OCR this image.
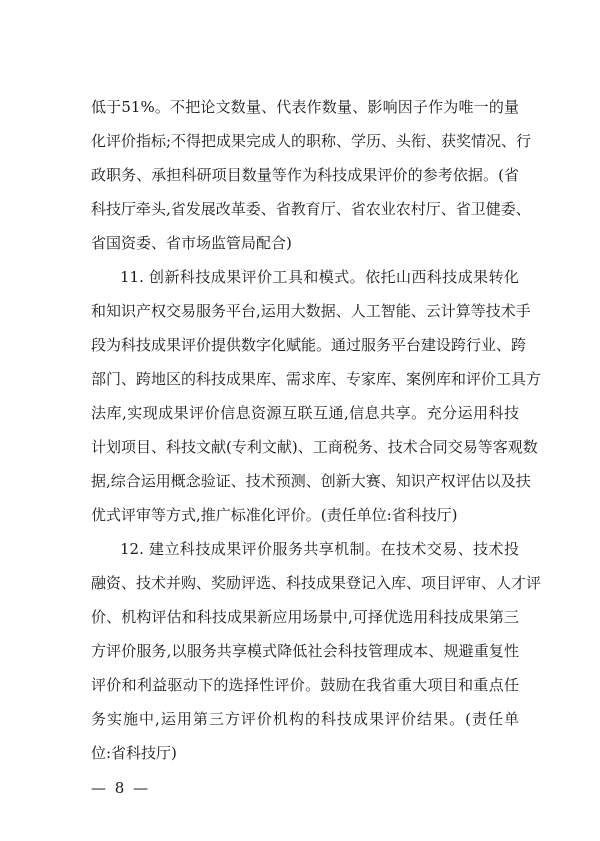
低于51%。不把论文数量、代表作数量、影响因子作为唯一的量
化评价指标;不得把成果完成人的职称、学历、头衔、获奖情况、行
政职务、承担科研项目数量等作为科技成果评价的参考依据。(省
科技厅牵头,省发展改革委、省教育厅、省农业农村厅、省卫健委、
省国资委、省市场监管局配合)
11. 创新科技成果评价工具和模式。依托山西科技成果转化
和知识产权交易服务平台,运用大数据、人工智能、云计算等技术手
段为科技成果评价提供数字化赋能。通过服务平台建设跨行业、跨
部门、跨地区的科技成果库、需求库、专家库、案例库和评价工具方
法库,实现成果评价信息资源互联互通,信息共享。充分运用科技
计划项目、科技文献(专利文献)、工商税务、技术合同交易等客观数
据,综合运用概念验证、技术预测、创新大赛、知识产权评估以及扶
优式评审等方式,推广标准化评价。(责任单位:省科技厅)
12. 建立科技成果评价服务共享机制。在技术交易、技术投
融资、技术并购、奖励评选、科技成果登记入库、项目评审、人才评
价、机构评估和科技成果新应用场景中,可择优选用科技成果第三
方评价服务,以服务共享模式降低社会科技管理成本、规避重复性
评价和利益驱动下的选择性评价。鼓励在我省重大项目和重点任
务实施中,运用第三方评价机构的科技成果评价结果。(责任单
位:省科技厅)
— 8 —
